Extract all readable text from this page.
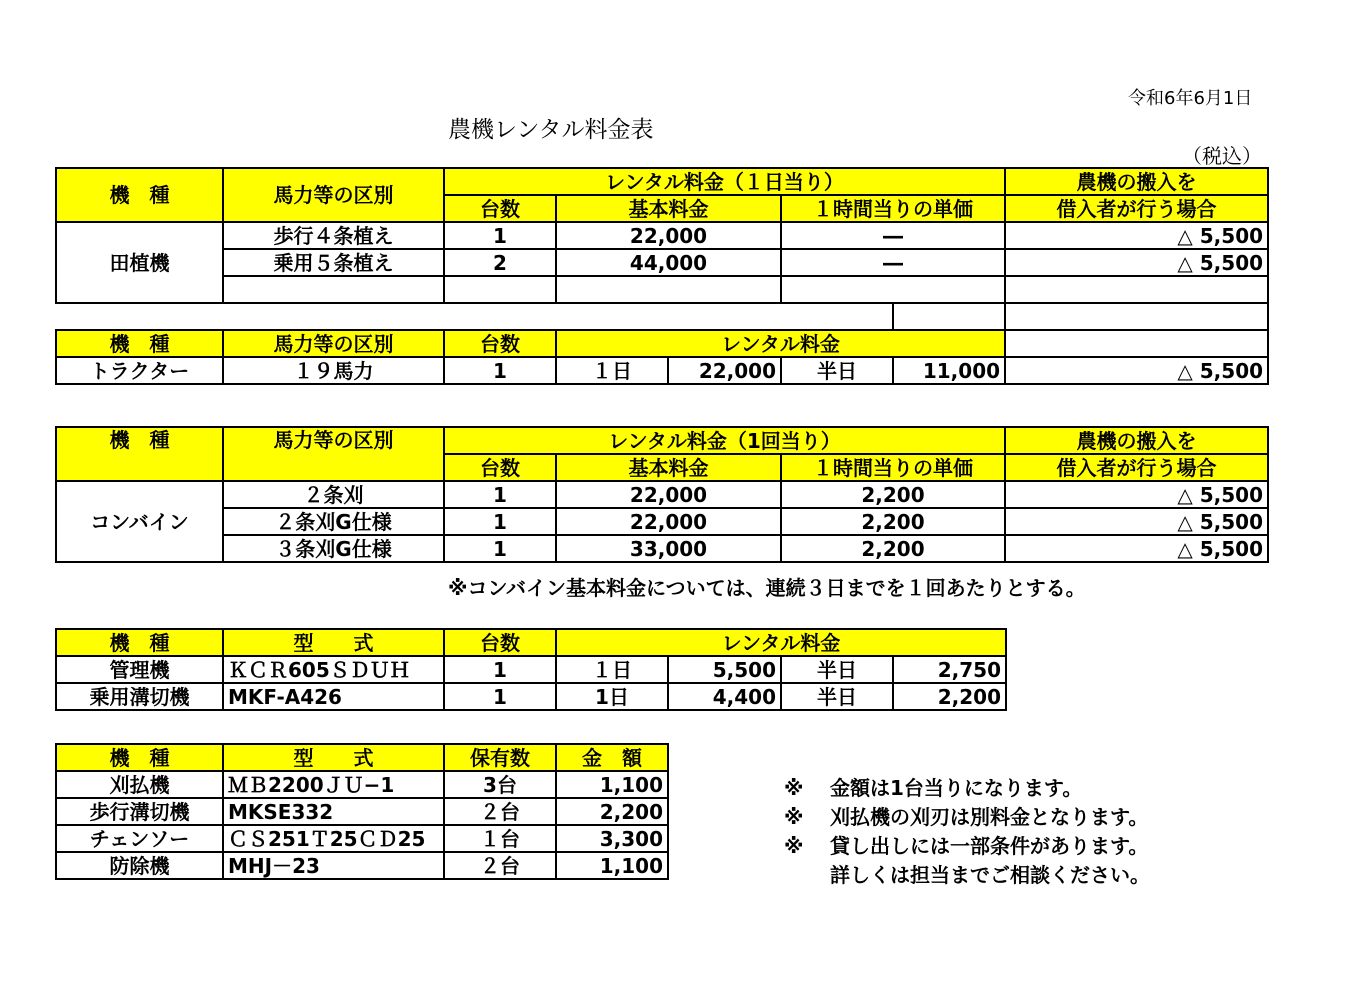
令和6年6月1日
農機レンタル料金表
（税込）
機　種	馬力等の区別	レンタル料金（１日当り）					農機の搬入を
		台数	基本料金		１時間当りの単価		借入者が行う場合
田植機	歩行４条植え	1	22,000		―		△ 5,500
	乗用５条植え	2	44,000		―		△ 5,500

機　種	馬力等の区別	台数	レンタル料金				
トラクター	１９馬力	1	１日	22,000	半日	11,000	△ 5,500
機　種	馬力等の区別	レンタル料金（1回当り）			農機の搬入を
		台数	基本料金	１時間当りの単価	借入者が行う場合
コンバイン	２条刈	1	22,000	2,200	△ 5,500
	２条刈G仕様	1	22,000	2,200	△ 5,500
	３条刈G仕様	1	33,000	2,200	△ 5,500
※コンバイン基本料金については、連続３日までを１回あたりとする。
機　種	型　　式	台数	レンタル料金			
管理機	ＫＣＲ605ＳＤＵＨ	1	１日	5,500	半日	2,750
乗用溝切機	MKF-A426	1	1日	4,400	半日	2,200
機　種	型　　式	保有数	金　額
刈払機	ＭＢ2200ＪＵ−1	3台	1,100
歩行溝切機	MKSE332	２台	2,200
チェンソー	ＣＳ251Ｔ25ＣＤ25	１台	3,300
防除機	MHJ－23	２台	1,100
※ 金額は1台当りになります。
※ 刈払機の刈刃は別料金となります。
※ 貸し出しには一部条件があります。
詳しくは担当までご相談ください。
